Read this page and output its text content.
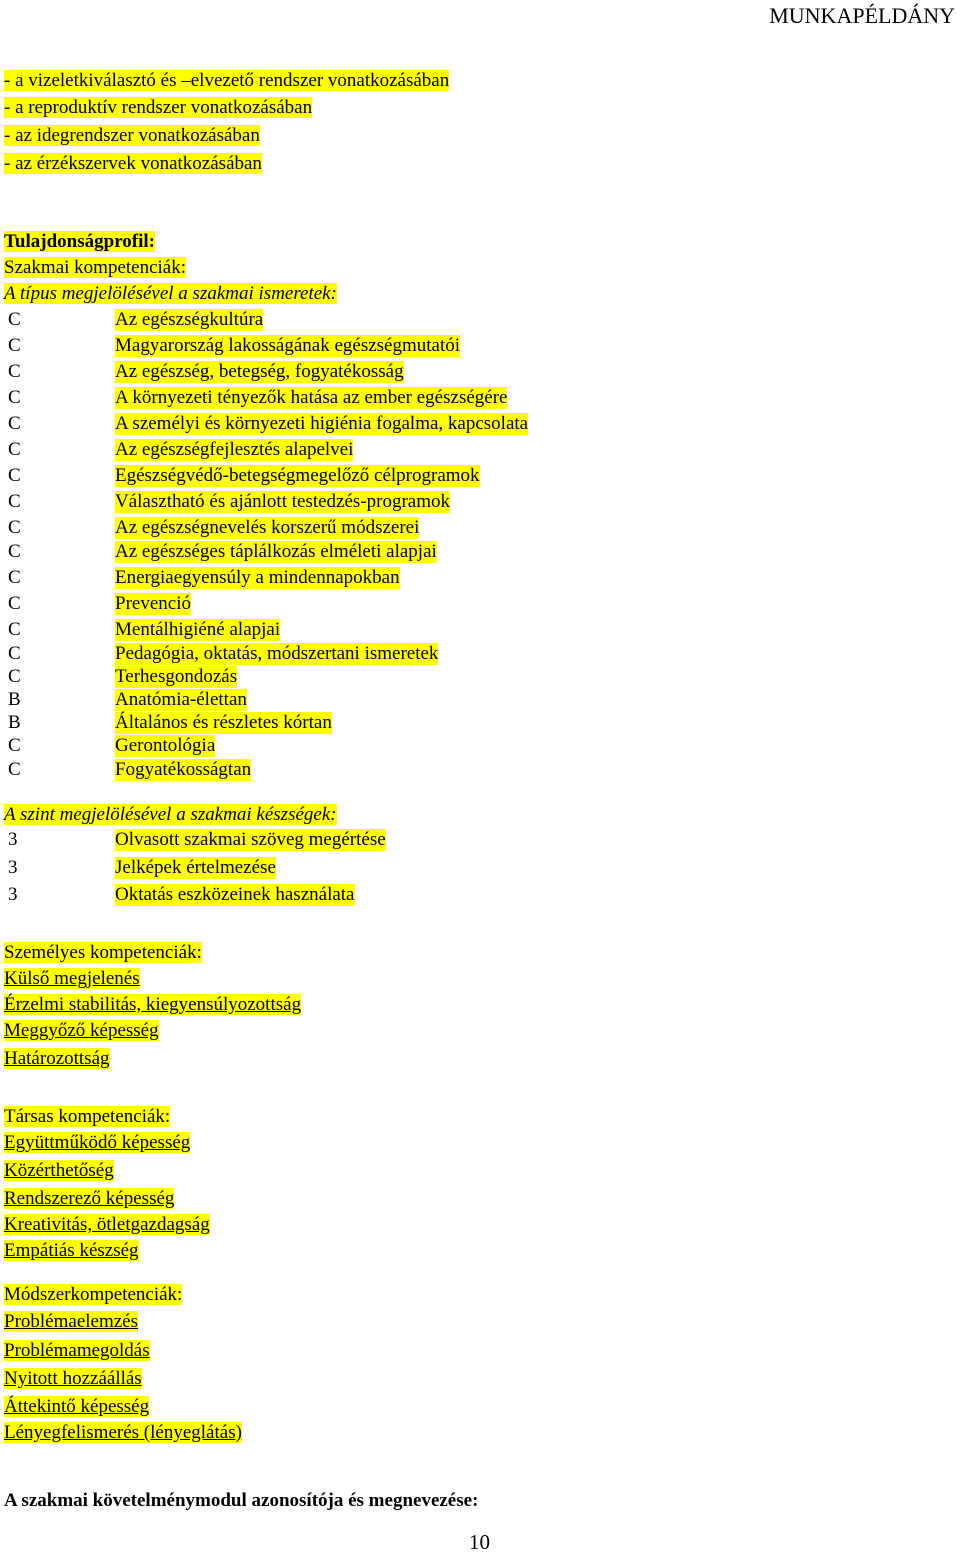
MUNKAPÉLDÁNY
- a vizeletkiválasztó és –elvezető rendszer vonatkozásában
- a reproduktív rendszer vonatkozásában
- az idegrendszer vonatkozásában
- az érzékszervek vonatkozásában
Tulajdonságprofil:
Szakmai kompetenciák:
A típus megjelölésével a szakmai ismeretek:
C	Az egészségkultúra
C	Magyarország lakosságának egészségmutatói
C	Az egészség, betegség, fogyatékosság
C	A környezeti tényezők hatása az ember egészségére
C	A személyi és környezeti higiénia fogalma, kapcsolata
C	Az egészségfejlesztés alapelvei
C	Egészségvédő-betegségmegelőző célprogramok
C	Választható és ajánlott testedzés-programok
C	Az egészségnevelés korszerű módszerei
C	Az egészséges táplálkozás elméleti alapjai
C	Energiaegyensúly a mindennapokban
C	Prevenció
C	Mentálhigiéné alapjai
C	Pedagógia, oktatás, módszertani ismeretek
C	Terhesgondozás
B	Anatómia-élettan
B	Általános és részletes kórtan
C	Gerontológia
C	Fogyatékosságtan
A szint megjelölésével a szakmai készségek:
3	Olvasott szakmai szöveg megértése
3	Jelképek értelmezése
3	Oktatás eszközeinek használata
Személyes kompetenciák:
Külső megjelenés
Érzelmi stabilitás, kiegyensúlyozottság
Meggyőző képesség
Határozottság
Társas kompetenciák:
Együttműködő képesség
Közérthetőség
Rendszerező képesség
Kreativitás, ötletgazdagság
Empátiás készség
Módszerkompetenciák:
Problémaelemzés
Problémamegoldás
Nyitott hozzáállás
Áttekintő képesség
Lényegfelismerés (lényeglátás)
A szakmai követelménymodul azonosítója és megnevezése:
10
